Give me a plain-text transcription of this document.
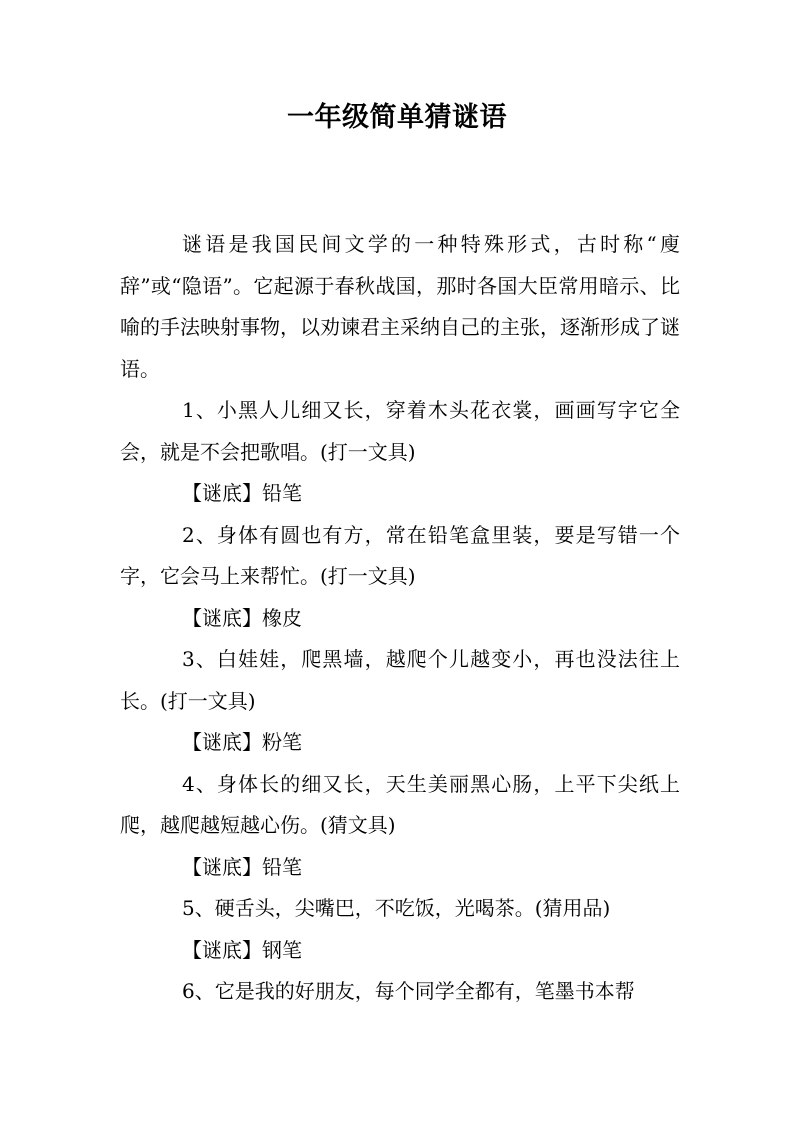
一年级简单猜谜语

谜语是我国民间文学的一种特殊形式，古时称“廋辞”或“隐语”。它起源于春秋战国，那时各国大臣常用暗示、比喻的手法映射事物，以劝谏君主采纳自己的主张，逐渐形成了谜语。

1、小黑人儿细又长，穿着木头花衣裳，画画写字它全会，就是不会把歌唱。(打一文具)

【谜底】铅笔

2、身体有圆也有方，常在铅笔盒里装，要是写错一个字，它会马上来帮忙。(打一文具)

【谜底】橡皮

3、白娃娃，爬黑墙，越爬个儿越变小，再也没法往上长。(打一文具)

【谜底】粉笔

4、身体长的细又长，天生美丽黑心肠，上平下尖纸上爬，越爬越短越心伤。(猜文具)

【谜底】铅笔

5、硬舌头，尖嘴巴，不吃饭，光喝茶。(猜用品)

【谜底】钢笔

6、它是我的好朋友，每个同学全都有，笔墨书本帮
